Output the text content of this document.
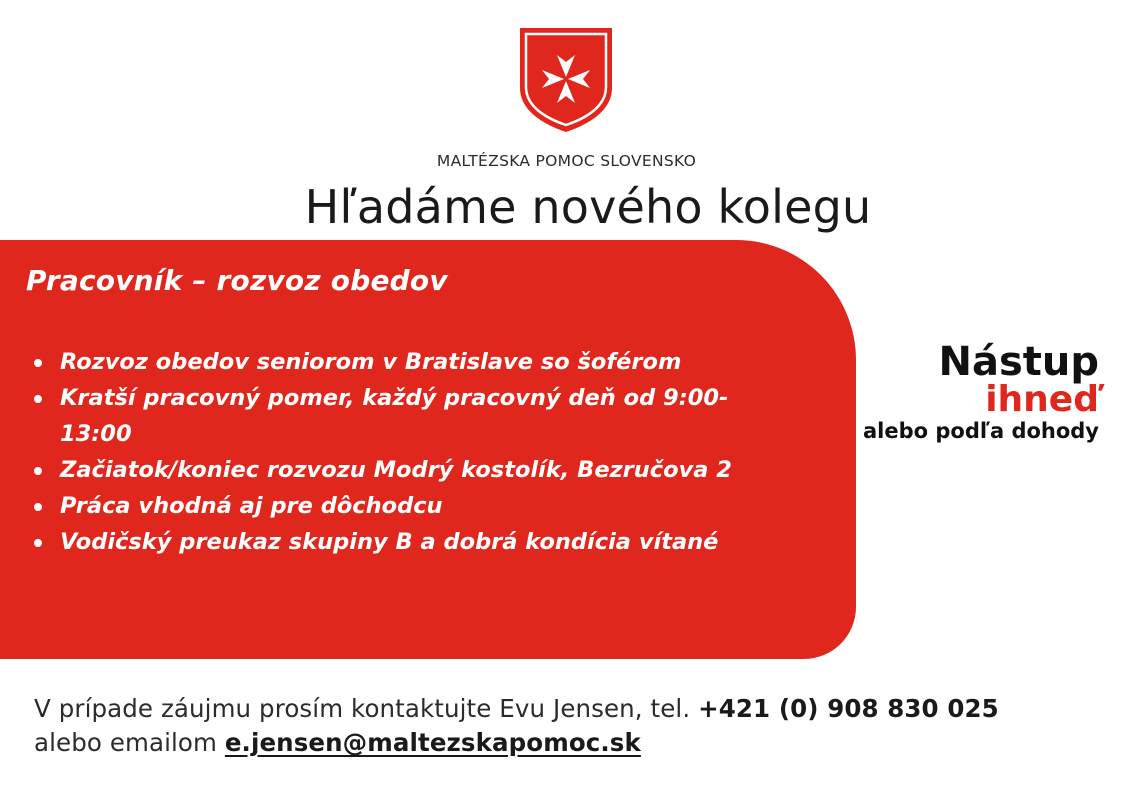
MALTÉZSKA POMOC SLOVENSKO
Hľadáme nového kolegu
Pracovník – rozvoz obedov
Rozvoz obedov seniorom v Bratislave so šoférom
Kratší pracovný pomer, každý pracovný deň od 9:00-13:00
Začiatok/koniec rozvozu Modrý kostolík, Bezručova 2
Práca vhodná aj pre dôchodcu
Vodičský preukaz skupiny B a dobrá kondícia vítané
Nástup
ihneď
alebo podľa dohody
V prípade záujmu prosím kontaktujte Evu Jensen, tel. +421 (0) 908 830 025
alebo emailom e.jensen@maltezskapomoc.sk
